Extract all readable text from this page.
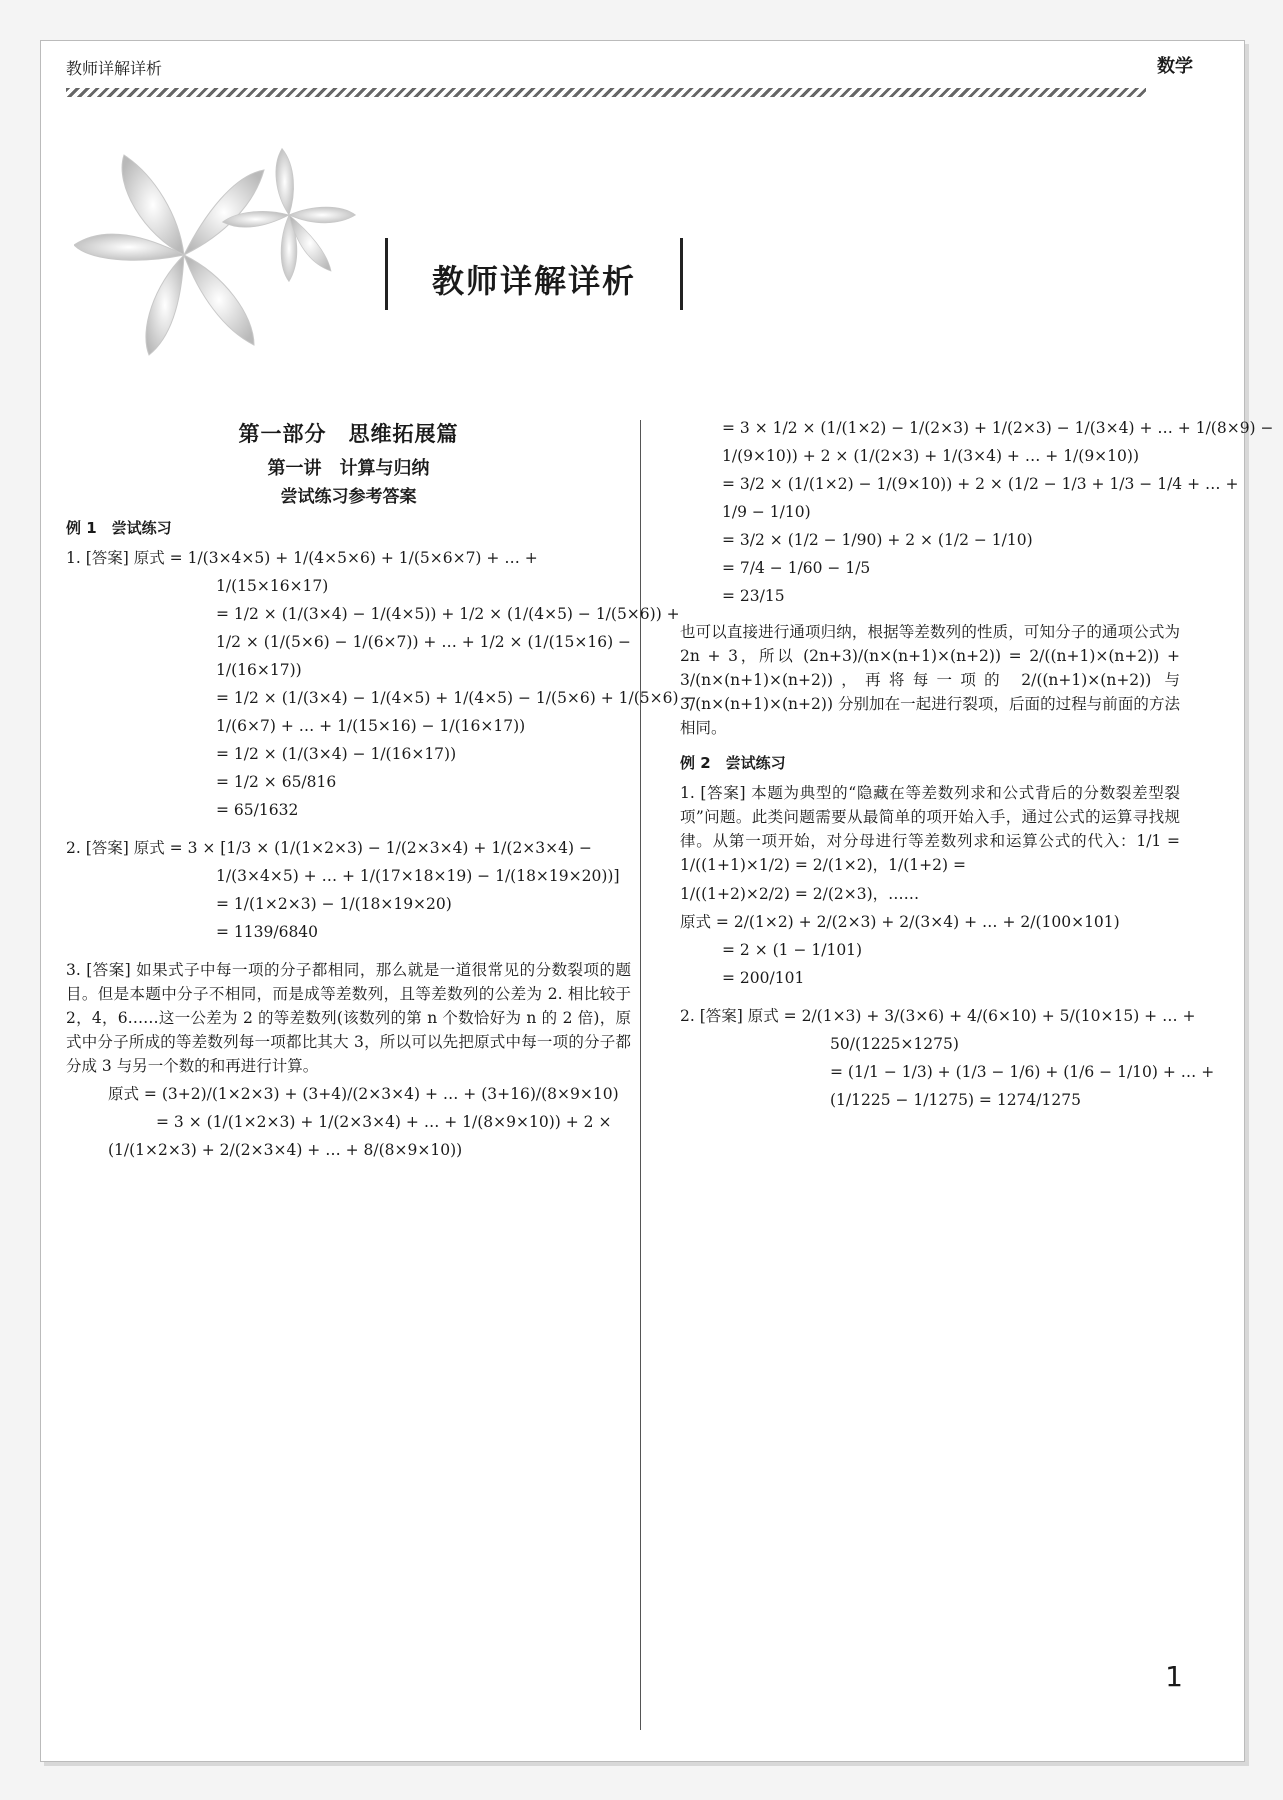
教师详解详析	数学
教师详解详析
第一部分　思维拓展篇
第一讲　计算与归纳
尝试练习参考答案
例 1　尝试练习
1. [答案] 原式 = 1/(3×4×5) + 1/(4×5×6) + 1/(5×6×7) + … +
1/(15×16×17)
= 1/2 × (1/(3×4) − 1/(4×5)) + 1/2 × (1/(4×5) − 1/(5×6)) +
1/2 × (1/(5×6) − 1/(6×7)) + … + 1/2 × (1/(15×16) −
1/(16×17))
= 1/2 × (1/(3×4) − 1/(4×5) + 1/(4×5) − 1/(5×6) + 1/(5×6) −
1/(6×7) + … + 1/(15×16) − 1/(16×17))
= 1/2 × (1/(3×4) − 1/(16×17))
= 1/2 × 65/816
= 65/1632
2. [答案] 原式 = 3 × [1/3 × (1/(1×2×3) − 1/(2×3×4) + 1/(2×3×4) −
1/(3×4×5) + … + 1/(17×18×19) − 1/(18×19×20))]
= 1/(1×2×3) − 1/(18×19×20)
= 1139/6840
3. [答案] 如果式子中每一项的分子都相同，那么就是一道很常见的分数裂项的题目。但是本题中分子不相同，而是成等差数列，且等差数列的公差为 2. 相比较于 2，4，6……这一公差为 2 的等差数列(该数列的第 n 个数恰好为 n 的 2 倍)，原式中分子所成的等差数列每一项都比其大 3，所以可以先把原式中每一项的分子都分成 3 与另一个数的和再进行计算。
原式 = (3+2)/(1×2×3) + (3+4)/(2×3×4) + … + (3+16)/(8×9×10)
= 3 × (1/(1×2×3) + 1/(2×3×4) + … + 1/(8×9×10)) + 2 ×
(1/(1×2×3) + 2/(2×3×4) + … + 8/(8×9×10))
= 3 × 1/2 × (1/(1×2) − 1/(2×3) + 1/(2×3) − 1/(3×4) + … + 1/(8×9) −
1/(9×10)) + 2 × (1/(2×3) + 1/(3×4) + … + 1/(9×10))
= 3/2 × (1/(1×2) − 1/(9×10)) + 2 × (1/2 − 1/3 + 1/3 − 1/4 + … +
1/9 − 1/10)
= 3/2 × (1/2 − 1/90) + 2 × (1/2 − 1/10)
= 7/4 − 1/60 − 1/5
= 23/15
也可以直接进行通项归纳，根据等差数列的性质，可知分子的通项公式为 2n + 3，所以 (2n+3)/(n×(n+1)×(n+2)) = 2/((n+1)×(n+2)) + 3/(n×(n+1)×(n+2))，再将每一项的 2/((n+1)×(n+2)) 与 3/(n×(n+1)×(n+2)) 分别加在一起进行裂项，后面的过程与前面的方法相同。
例 2　尝试练习
1. [答案] 本题为典型的“隐藏在等差数列求和公式背后的分数裂差型裂项”问题。此类问题需要从最简单的项开始入手，通过公式的运算寻找规律。从第一项开始，对分母进行等差数列求和运算公式的代入：1/1 = 1/((1+1)×1/2) = 2/(1×2)，1/(1+2) =
1/((1+2)×2/2) = 2/(2×3)，……
原式 = 2/(1×2) + 2/(2×3) + 2/(3×4) + … + 2/(100×101)
= 2 × (1 − 1/101)
= 200/101
2. [答案] 原式 = 2/(1×3) + 3/(3×6) + 4/(6×10) + 5/(10×15) + … +
50/(1225×1275)
= (1/1 − 1/3) + (1/3 − 1/6) + (1/6 − 1/10) + … +
(1/1225 − 1/1275) = 1274/1275
1
